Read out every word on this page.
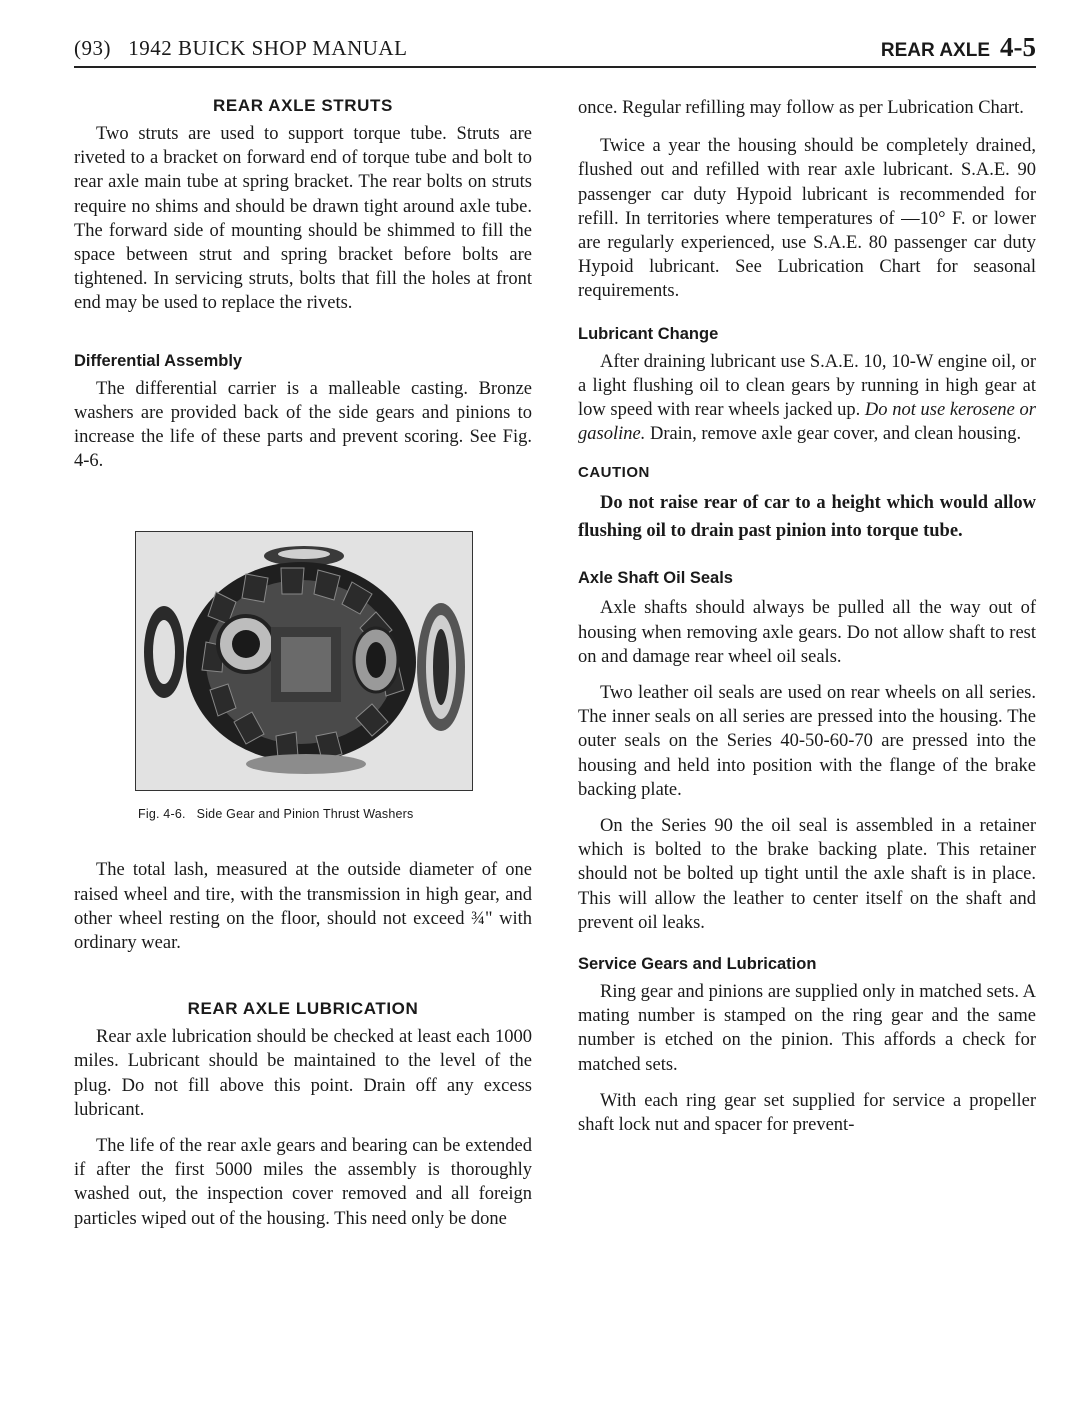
(93)   1942 BUICK SHOP MANUAL	REAR AXLE 4-5
REAR AXLE STRUTS

Two struts are used to support torque tube. Struts are riveted to a bracket on forward end of torque tube and bolt to rear axle main tube at spring bracket. The rear bolts on struts require no shims and should be drawn tight around axle tube. The forward side of mounting should be shimmed to fill the space between strut and spring bracket before bolts are tightened. In servicing struts, bolts that fill the holes at front end may be used to replace the rivets.

Differential Assembly

The differential carrier is a malleable casting. Bronze washers are provided back of the side gears and pinions to increase the life of these parts and prevent scoring. See Fig. 4-6.

Fig. 4-6.   Side Gear and Pinion Thrust Washers

The total lash, measured at the outside diameter of one raised wheel and tire, with the transmission in high gear, and other wheel resting on the floor, should not exceed ¾" with ordinary wear.

REAR AXLE LUBRICATION

Rear axle lubrication should be checked at least each 1000 miles. Lubricant should be maintained to the level of the plug. Do not fill above this point. Drain off any excess lubricant.

The life of the rear axle gears and bearing can be extended if after the first 5000 miles the assembly is thoroughly washed out, the inspection cover removed and all foreign particles wiped out of the housing. This need only be done

once. Regular refilling may follow as per Lubrication Chart.

Twice a year the housing should be completely drained, flushed out and refilled with rear axle lubricant. S.A.E. 90 passenger car duty Hypoid lubricant is recommended for refill. In territories where temperatures of —10° F. or lower are regularly experienced, use S.A.E. 80 passenger car duty Hypoid lubricant. See Lubrication Chart for seasonal requirements.

Lubricant Change

After draining lubricant use S.A.E. 10, 10-W engine oil, or a light flushing oil to clean gears by running in high gear at low speed with rear wheels jacked up. Do not use kerosene or gasoline. Drain, remove axle gear cover, and clean housing.

CAUTION

Do not raise rear of car to a height which would allow flushing oil to drain past pinion into torque tube.

Axle Shaft Oil Seals

Axle shafts should always be pulled all the way out of housing when removing axle gears. Do not allow shaft to rest on and damage rear wheel oil seals.

Two leather oil seals are used on rear wheels on all series. The inner seals on all series are pressed into the housing. The outer seals on the Series 40-50-60-70 are pressed into the housing and held into position with the flange of the brake backing plate.

On the Series 90 the oil seal is assembled in a retainer which is bolted to the brake backing plate. This retainer should not be bolted up tight until the axle shaft is in place. This will allow the leather to center itself on the shaft and prevent oil leaks.

Service Gears and Lubrication

Ring gear and pinions are supplied only in matched sets. A mating number is stamped on the ring gear and the same number is etched on the pinion. This affords a check for matched sets.

With each ring gear set supplied for service a propeller shaft lock nut and spacer for prevent-
